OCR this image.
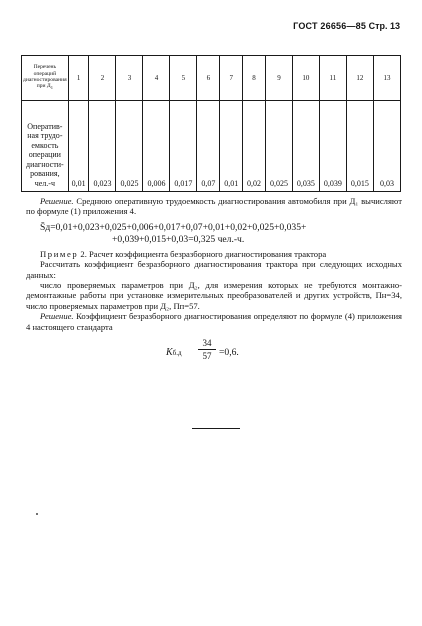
ГОСТ 26656—85 Стр. 13
Перечень операций диагностирования при $Д_1$	1	2	3	4	5	6	7	8	9	10	11	12	13
Оперативная трудоемкость операции диагностирования, чел.-ч	0,01	0,023	0,025	0,006	0,017	0,07	0,01	0,02	0,025	0,035	0,039	0,015	0,03

Решение. Среднюю оперативную трудоемкость диагностирования автомобиля при Д₁ вычисляют по формуле (1) приложения 4.

S̄д=0,01+0,023+0,025+0,006+0,017+0,07+0,01+0,02+0,025+0,035+
+0,039+0,015+0,03=0,325 чел.-ч.

Пример 2. Расчет коэффициента безразборного диагностирования трактора

Рассчитать коэффициент безразборного диагностирования трактора при следующих исходных данных:

число проверяемых параметров при Д₂, для измерения которых не требуются монтажно-демонтажные работы при установке измерительных преобразователей и других устройств, Пн=34, число проверяемых параметров при Д₂, Пп=57.

Решение. Коэффициент безразборного диагностирования определяют по формуле (4) приложения 4 настоящего стандарта

Kб.д
34
57 =0,6.
